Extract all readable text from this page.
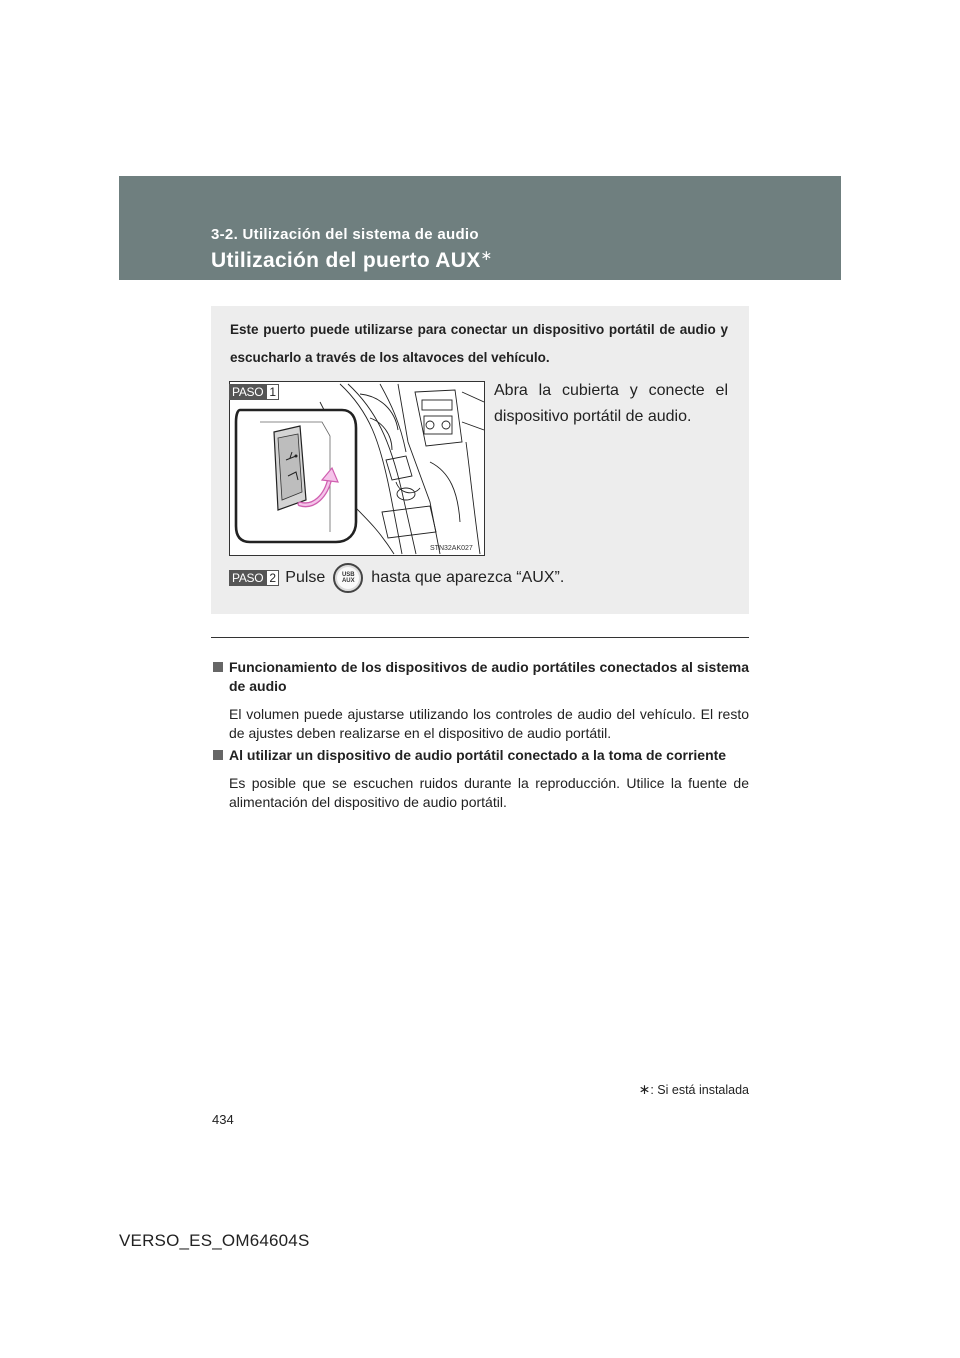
3-2. Utilización del sistema de audio
Utilización del puerto AUX∗
Este puerto puede utilizarse para conectar un dispositivo portátil de audio y escucharlo a través de los altavoces del vehículo.
STN32AK027
PASO 1	Abra la cubierta y conecte el dispositivo portátil de audio.
PASO 2 Pulse	USB
AUX hasta que aparezca “AUX”.
Funcionamiento de los dispositivos de audio portátiles conectados al sistema de audio
El volumen puede ajustarse utilizando los controles de audio del vehículo. El resto de ajustes deben realizarse en el dispositivo de audio portátil.
Al utilizar un dispositivo de audio portátil conectado a la toma de corriente
Es posible que se escuchen ruidos durante la reproducción. Utilice la fuente de alimentación del dispositivo de audio portátil.
∗: Si está instalada
434
VERSO_ES_OM64604S
